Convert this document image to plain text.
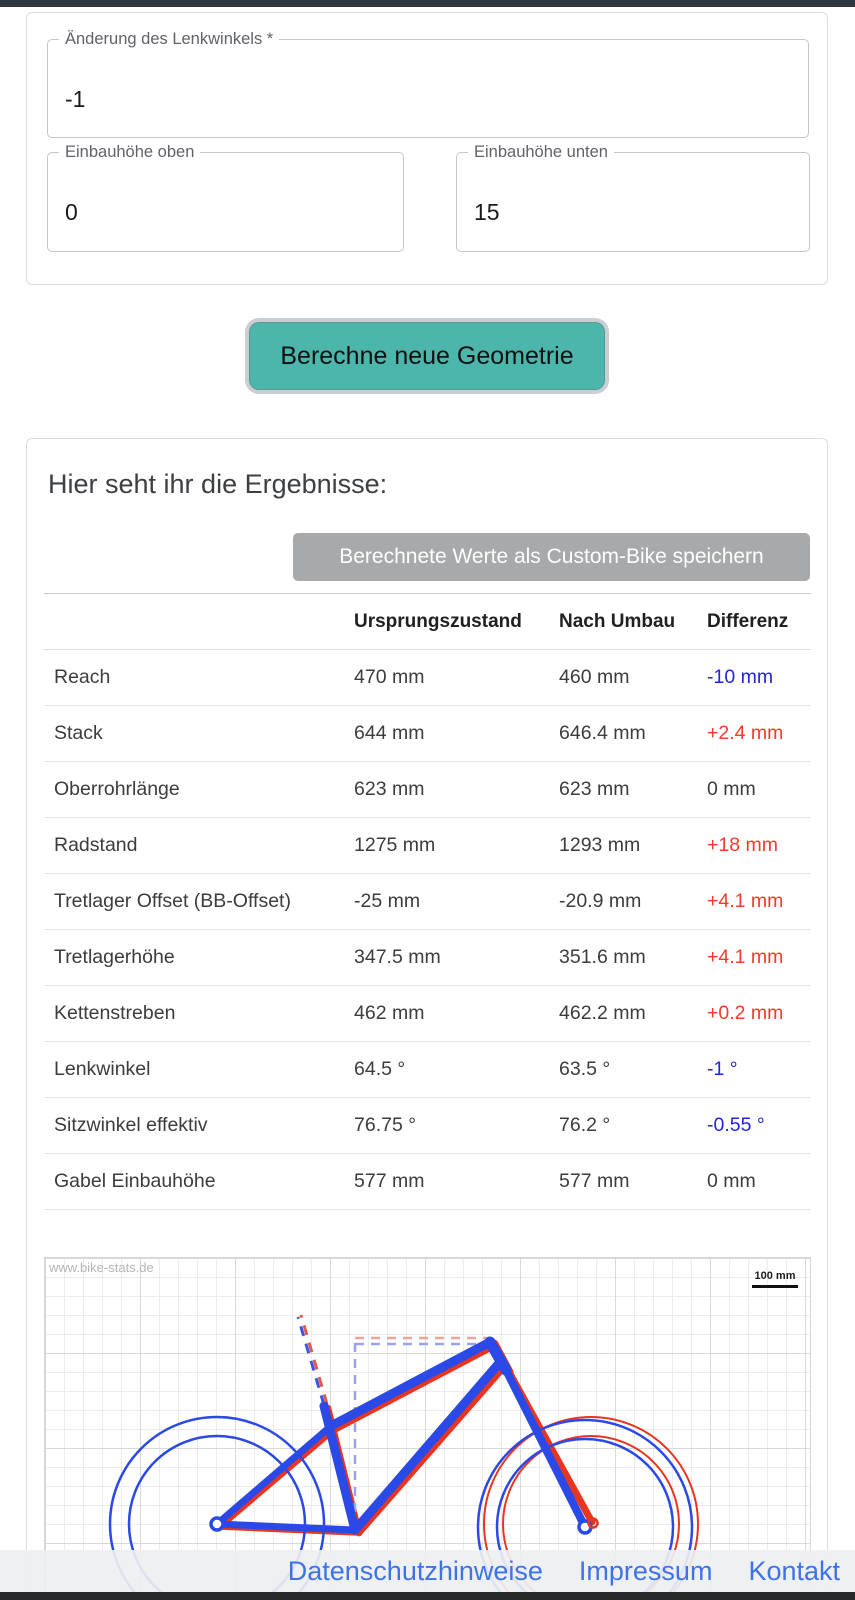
Änderung des Lenkwinkels *
-1
Einbauhöhe oben
0
Einbauhöhe unten
15
Berechne neue Geometrie
Hier seht ihr die Ergebnisse:
Berechnete Werte als Custom-Bike speichern
	Ursprungszustand	Nach Umbau	Differenz
Reach	470 mm	460 mm	-10 mm
Stack	644 mm	646.4 mm	+2.4 mm
Oberrohrlänge	623 mm	623 mm	0 mm
Radstand	1275 mm	1293 mm	+18 mm
Tretlager Offset (BB-Offset)	-25 mm	-20.9 mm	+4.1 mm
Tretlagerhöhe	347.5 mm	351.6 mm	+4.1 mm
Kettenstreben	462 mm	462.2 mm	+0.2 mm
Lenkwinkel	64.5 °	63.5 °	-1 °
Sitzwinkel effektiv	76.75 °	76.2 °	-0.55 °
Gabel Einbauhöhe	577 mm	577 mm	0 mm
www.bike-stats.de
100 mm
Datenschutzhinweise Impressum Kontakt
